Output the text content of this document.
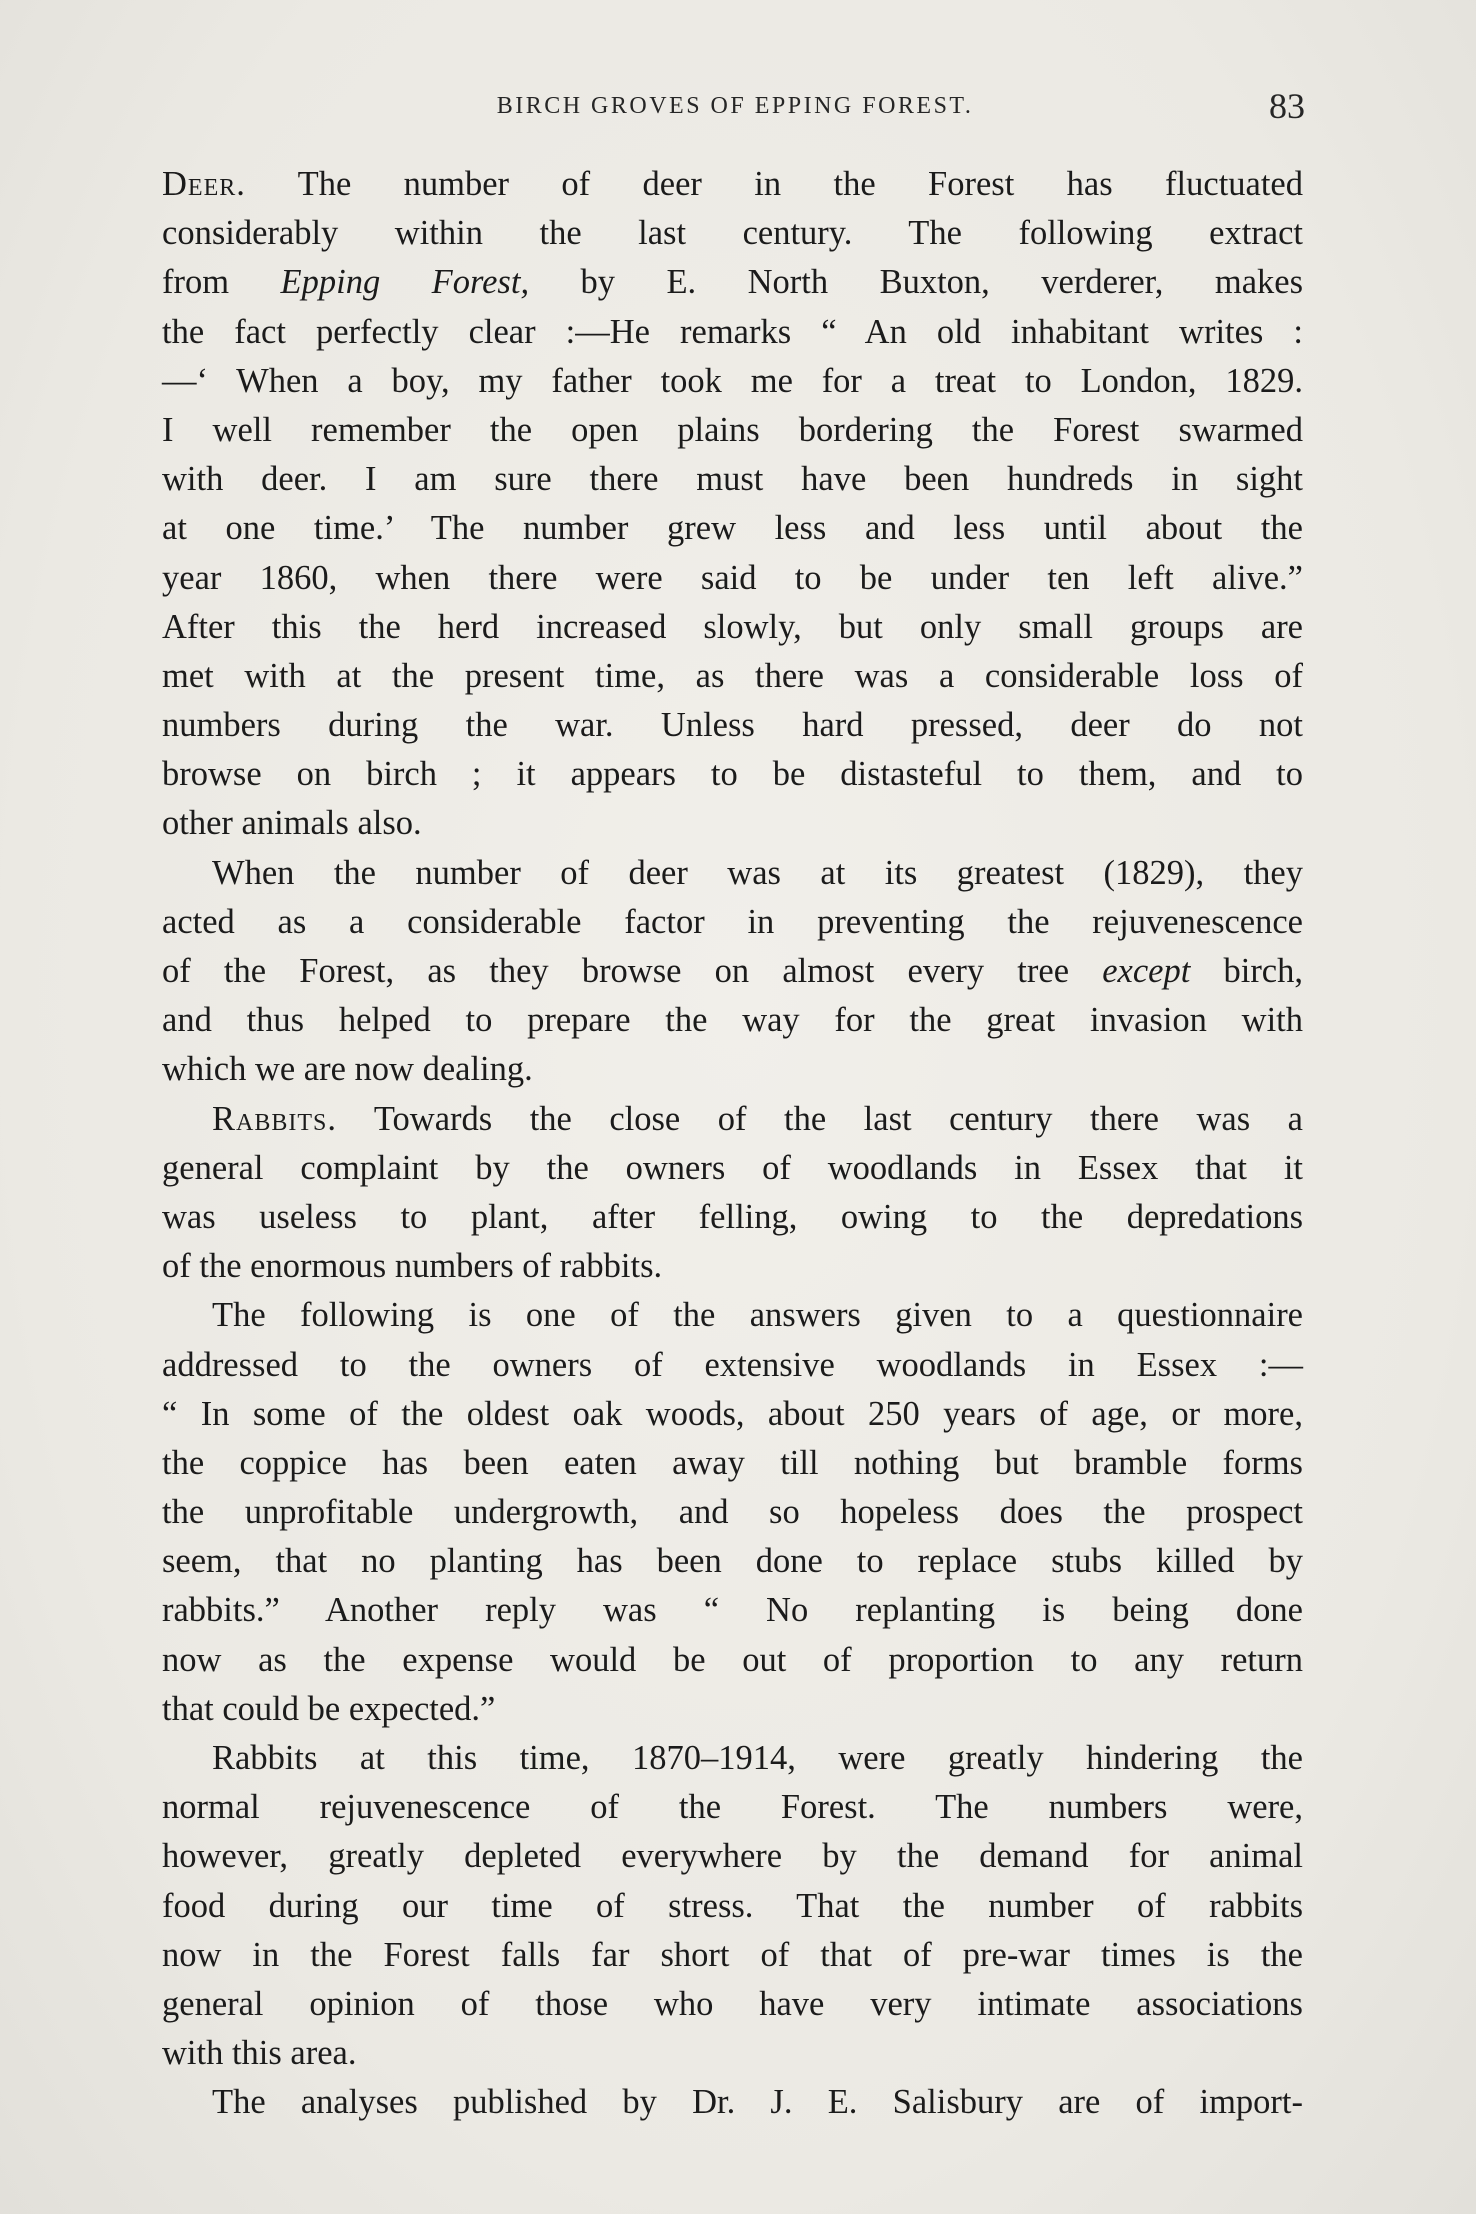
BIRCH GROVES OF EPPING FOREST.	83
Deer. The number of deer in the Forest has fluctuated
considerably within the last century. The following extract
from Epping Forest, by E. North Buxton, verderer, makes
the fact perfectly clear :—He remarks “ An old inhabitant writes :
—‘ When a boy, my father took me for a treat to London, 1829.
I well remember the open plains bordering the Forest swarmed
with deer. I am sure there must have been hundreds in sight
at one time.’ The number grew less and less until about the
year 1860, when there were said to be under ten left alive.”
After this the herd increased slowly, but only small groups are
met with at the present time, as there was a considerable loss of
numbers during the war. Unless hard pressed, deer do not
browse on birch ; it appears to be distasteful to them, and to
other animals also.
When the number of deer was at its greatest (1829), they
acted as a considerable factor in preventing the rejuvenescence
of the Forest, as they browse on almost every tree except birch,
and thus helped to prepare the way for the great invasion with
which we are now dealing.
Rabbits. Towards the close of the last century there was a
general complaint by the owners of woodlands in Essex that it
was useless to plant, after felling, owing to the depredations
of the enormous numbers of rabbits.
The following is one of the answers given to a questionnaire
addressed to the owners of extensive woodlands in Essex :—
“ In some of the oldest oak woods, about 250 years of age, or more,
the coppice has been eaten away till nothing but bramble forms
the unprofitable undergrowth, and so hopeless does the prospect
seem, that no planting has been done to replace stubs killed by
rabbits.” Another reply was “ No replanting is being done
now as the expense would be out of proportion to any return
that could be expected.”
Rabbits at this time, 1870–1914, were greatly hindering the
normal rejuvenescence of the Forest. The numbers were,
however, greatly depleted everywhere by the demand for animal
food during our time of stress. That the number of rabbits
now in the Forest falls far short of that of pre-war times is the
general opinion of those who have very intimate associations
with this area.
The analyses published by Dr. J. E. Salisbury are of import-
